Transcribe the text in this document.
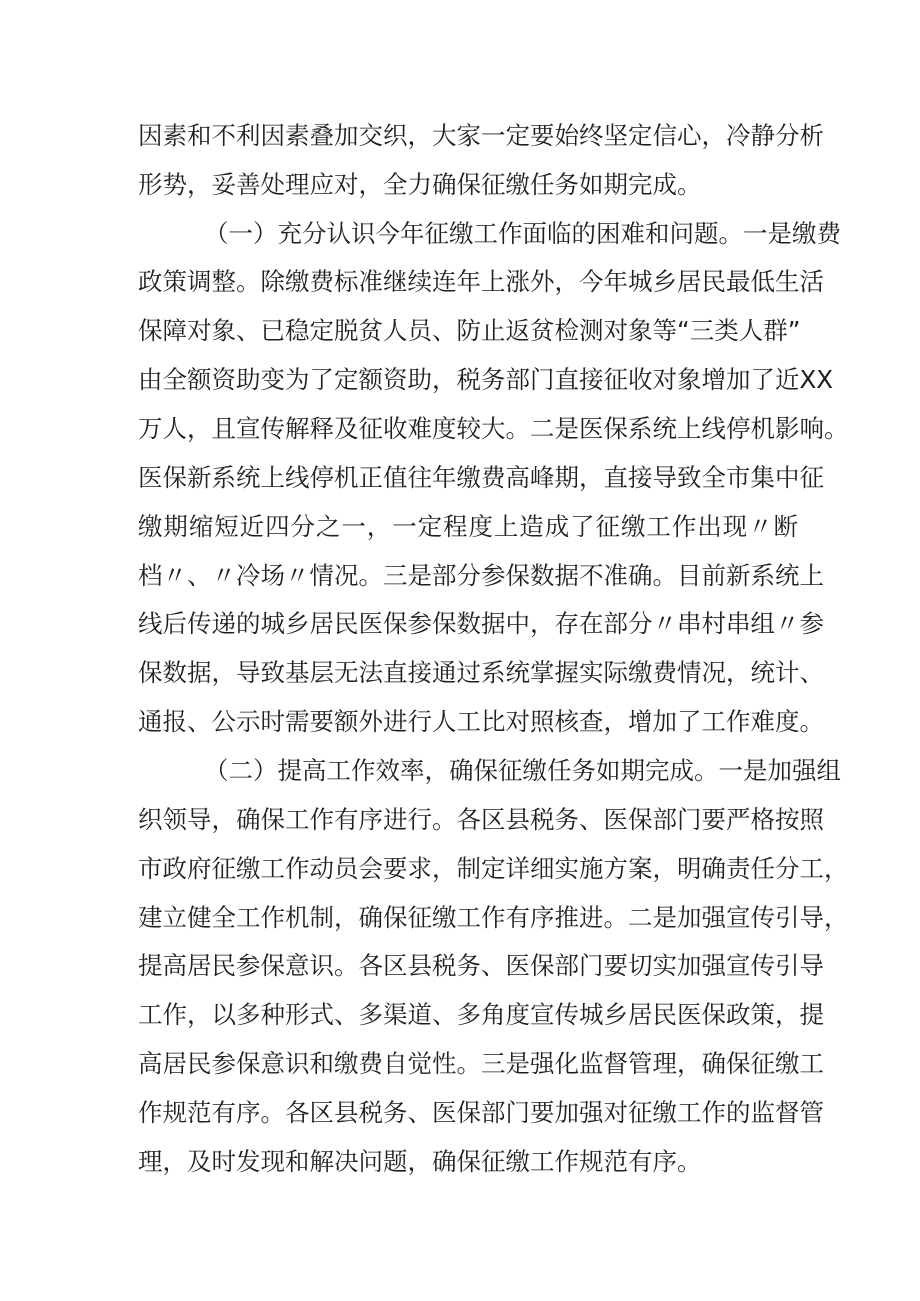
因素和不利因素叠加交织，大家一定要始终坚定信心，冷静分析

形势，妥善处理应对，全力确保征缴任务如期完成。

（一）充分认识今年征缴工作面临的困难和问题。一是缴费

政策调整。除缴费标准继续连年上涨外，今年城乡居民最低生活

保障对象、已稳定脱贫人员、防止返贫检测对象等“三类人群”

由全额资助变为了定额资助，税务部门直接征收对象增加了近XX

万人，且宣传解释及征收难度较大。二是医保系统上线停机影响。

医保新系统上线停机正值往年缴费高峰期，直接导致全市集中征

缴期缩短近四分之一，一定程度上造成了征缴工作出现〃断

档〃、〃冷场〃情况。三是部分参保数据不准确。目前新系统上

线后传递的城乡居民医保参保数据中，存在部分〃串村串组〃参

保数据，导致基层无法直接通过系统掌握实际缴费情况，统计、

通报、公示时需要额外进行人工比对照核查，增加了工作难度。

（二）提高工作效率，确保征缴任务如期完成。一是加强组

织领导，确保工作有序进行。各区县税务、医保部门要严格按照

市政府征缴工作动员会要求，制定详细实施方案，明确责任分工，

建立健全工作机制，确保征缴工作有序推进。二是加强宣传引导，

提高居民参保意识。各区县税务、医保部门要切实加强宣传引导

工作，以多种形式、多渠道、多角度宣传城乡居民医保政策，提

高居民参保意识和缴费自觉性。三是强化监督管理，确保征缴工

作规范有序。各区县税务、医保部门要加强对征缴工作的监督管

理，及时发现和解决问题，确保征缴工作规范有序。
